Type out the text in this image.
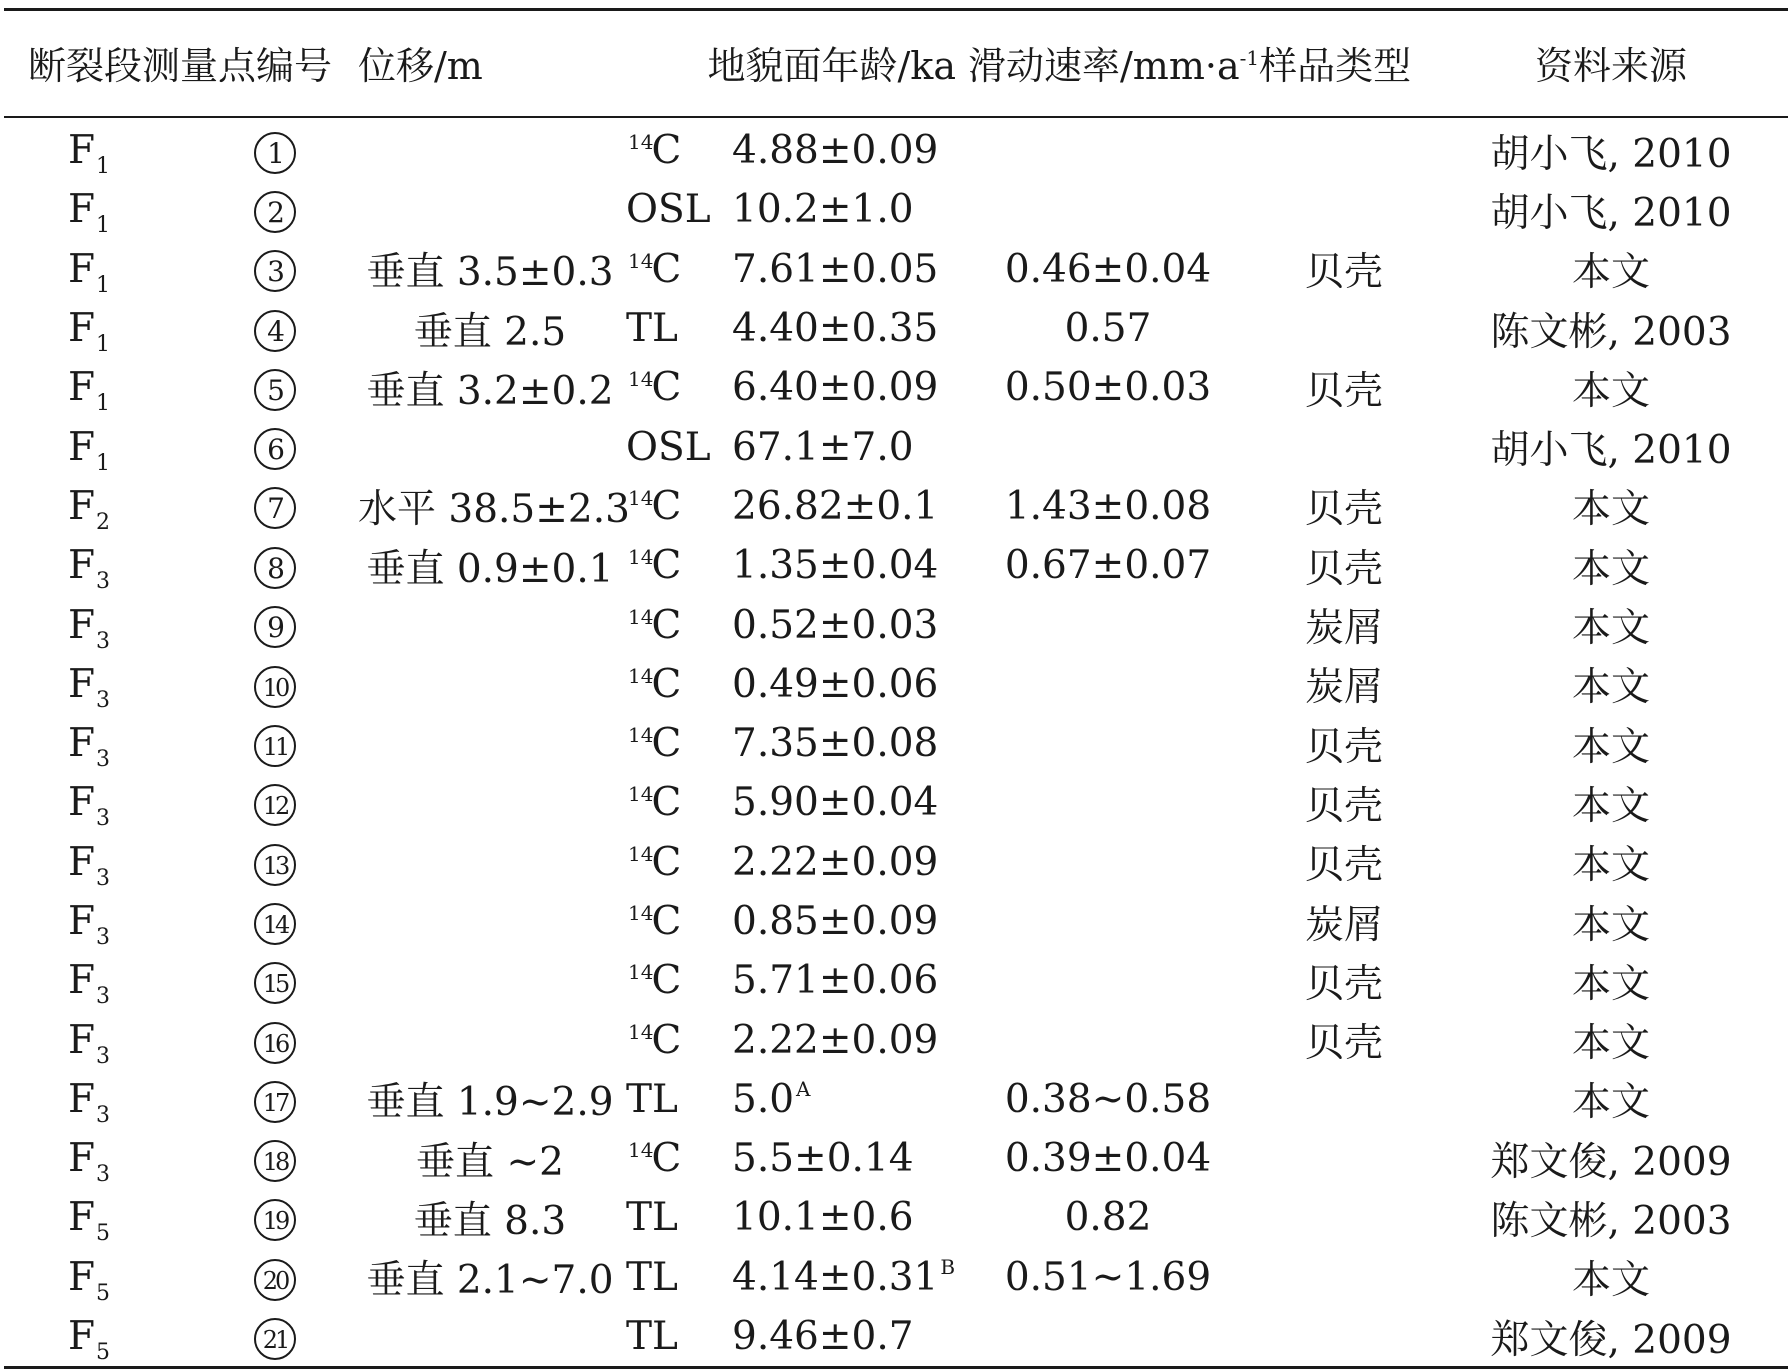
断裂段测量点编号		位移/m	地貌面年龄/ka		滑动速率$/mm\cdot a^{-1}$样品类型		资料来源

$F_1$	1		$^{14}$C	4.88±0.09			胡小飞, 2010
$F_1$	2		OSL	10.2±1.0			胡小飞, 2010
$F_1$	3	垂直 3.5±0.3	$^{14}$C	7.61±0.05	0.46±0.04	贝壳	本文
$F_1$	4	垂直 2.5	TL	4.40±0.35	0.57		陈文彬, 2003
$F_1$	5	垂直 3.2±0.2	$^{14}$C	6.40±0.09	0.50±0.03	贝壳	本文
$F_1$	6		OSL	67.1±7.0			胡小飞, 2010
$F_2$	7	水平 38.5±2.3	$^{14}$C	26.82±0.1	1.43±0.08	贝壳	本文
$F_3$	8	垂直 0.9±0.1	$^{14}$C	1.35±0.04	0.67±0.07	贝壳	本文
$F_3$	9		$^{14}$C	0.52±0.03		炭屑	本文
$F_3$	10		$^{14}$C	0.49±0.06		炭屑	本文
$F_3$	11		$^{14}$C	7.35±0.08		贝壳	本文
$F_3$	12		$^{14}$C	5.90±0.04		贝壳	本文
$F_3$	13		$^{14}$C	2.22±0.09		贝壳	本文
$F_3$	14		$^{14}$C	0.85±0.09		炭屑	本文
$F_3$	15		$^{14}$C	5.71±0.06		贝壳	本文
$F_3$	16		$^{14}$C	2.22±0.09		贝壳	本文
$F_3$	17	垂直 1.9~2.9	TL	5.0 $^A$	0.38~0.58		本文
$F_3$	18	垂直 ~2	$^{14}$C	5.5±0.14	0.39±0.04		郑文俊, 2009
$F_5$	19	垂直 8.3	TL	10.1±0.6	0.82		陈文彬, 2003
$F_5$	20	垂直 2.1~7.0	TL	4.14±0.31 $^B$	0.51~1.69		本文
$F_5$	21		TL	9.46±0.7			郑文俊, 2009
